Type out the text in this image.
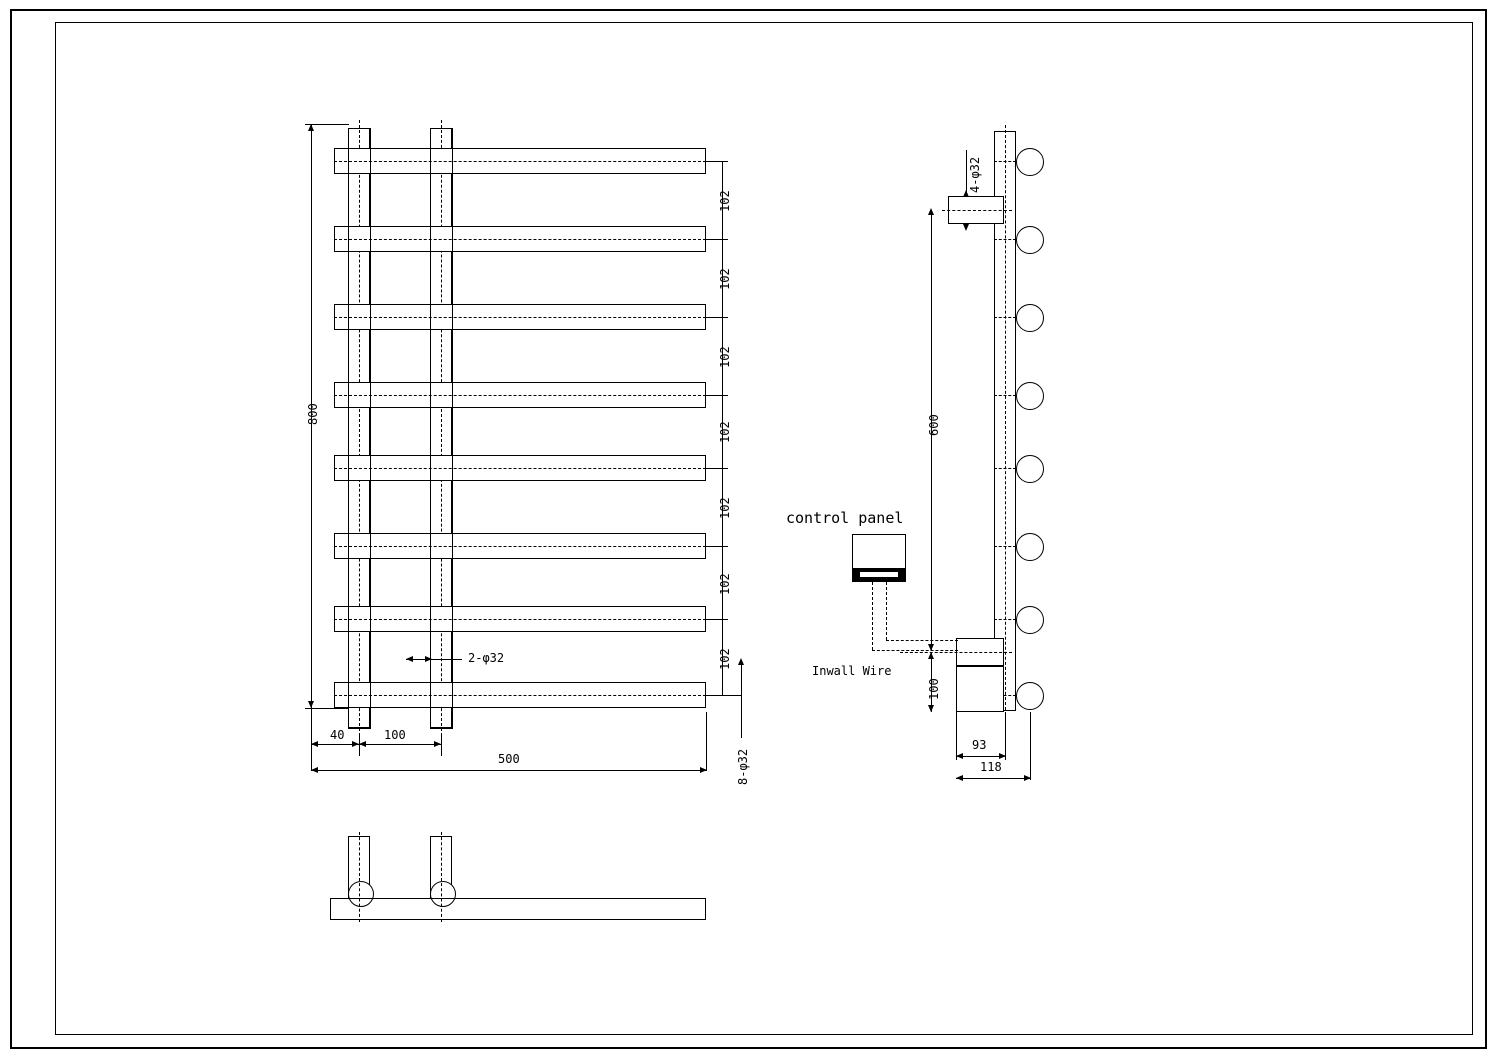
800
102
102
102
102
102
102
102
8-φ32
40	100
500
2-φ32
4-φ32
control panel
Inwall Wire
600
100
93
118
